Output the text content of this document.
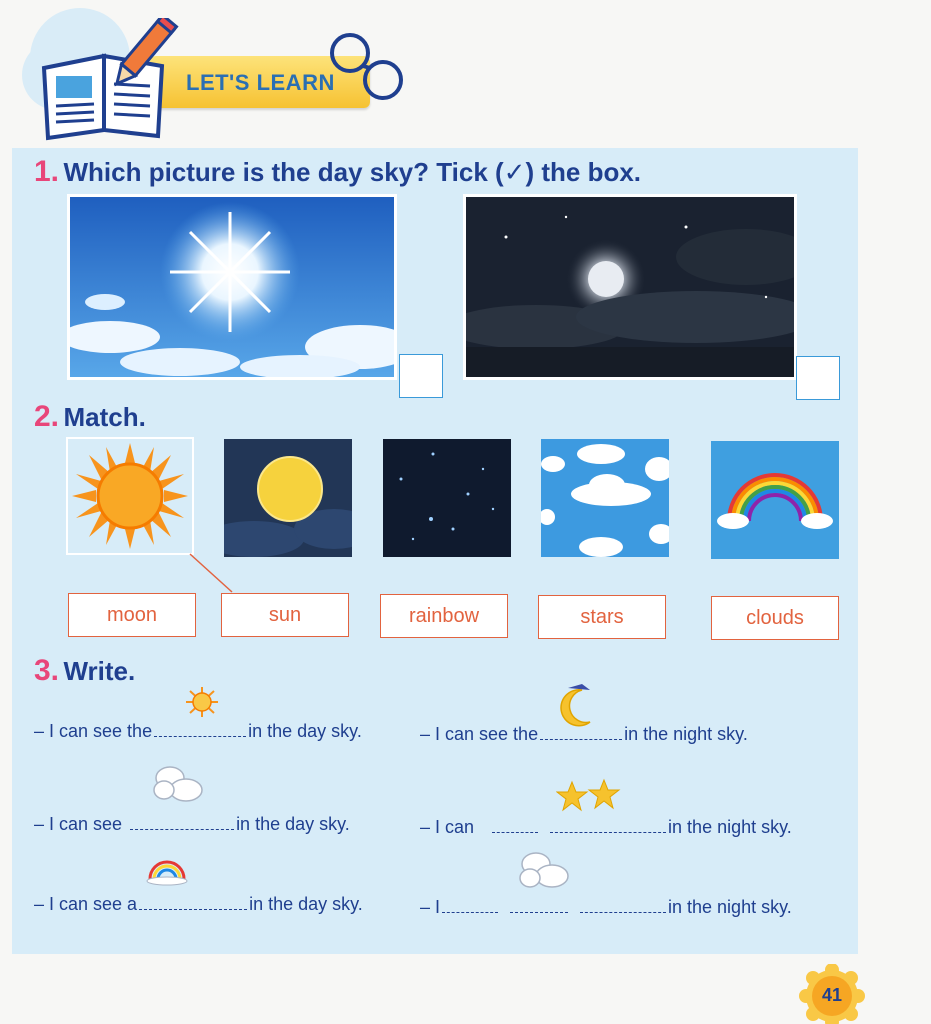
LET'S LEARN

1. Which picture is the day sky? Tick (✓) the box.
2. Match.
moon	sun	rainbow	stars	clouds
3. Write.
– I can see the	in the day sky.	– I can see the	in the night sky.
– I can see	in the day sky.	– I can	in the night sky.
– I can see a	in the day sky.	– I	in the night sky.
41
